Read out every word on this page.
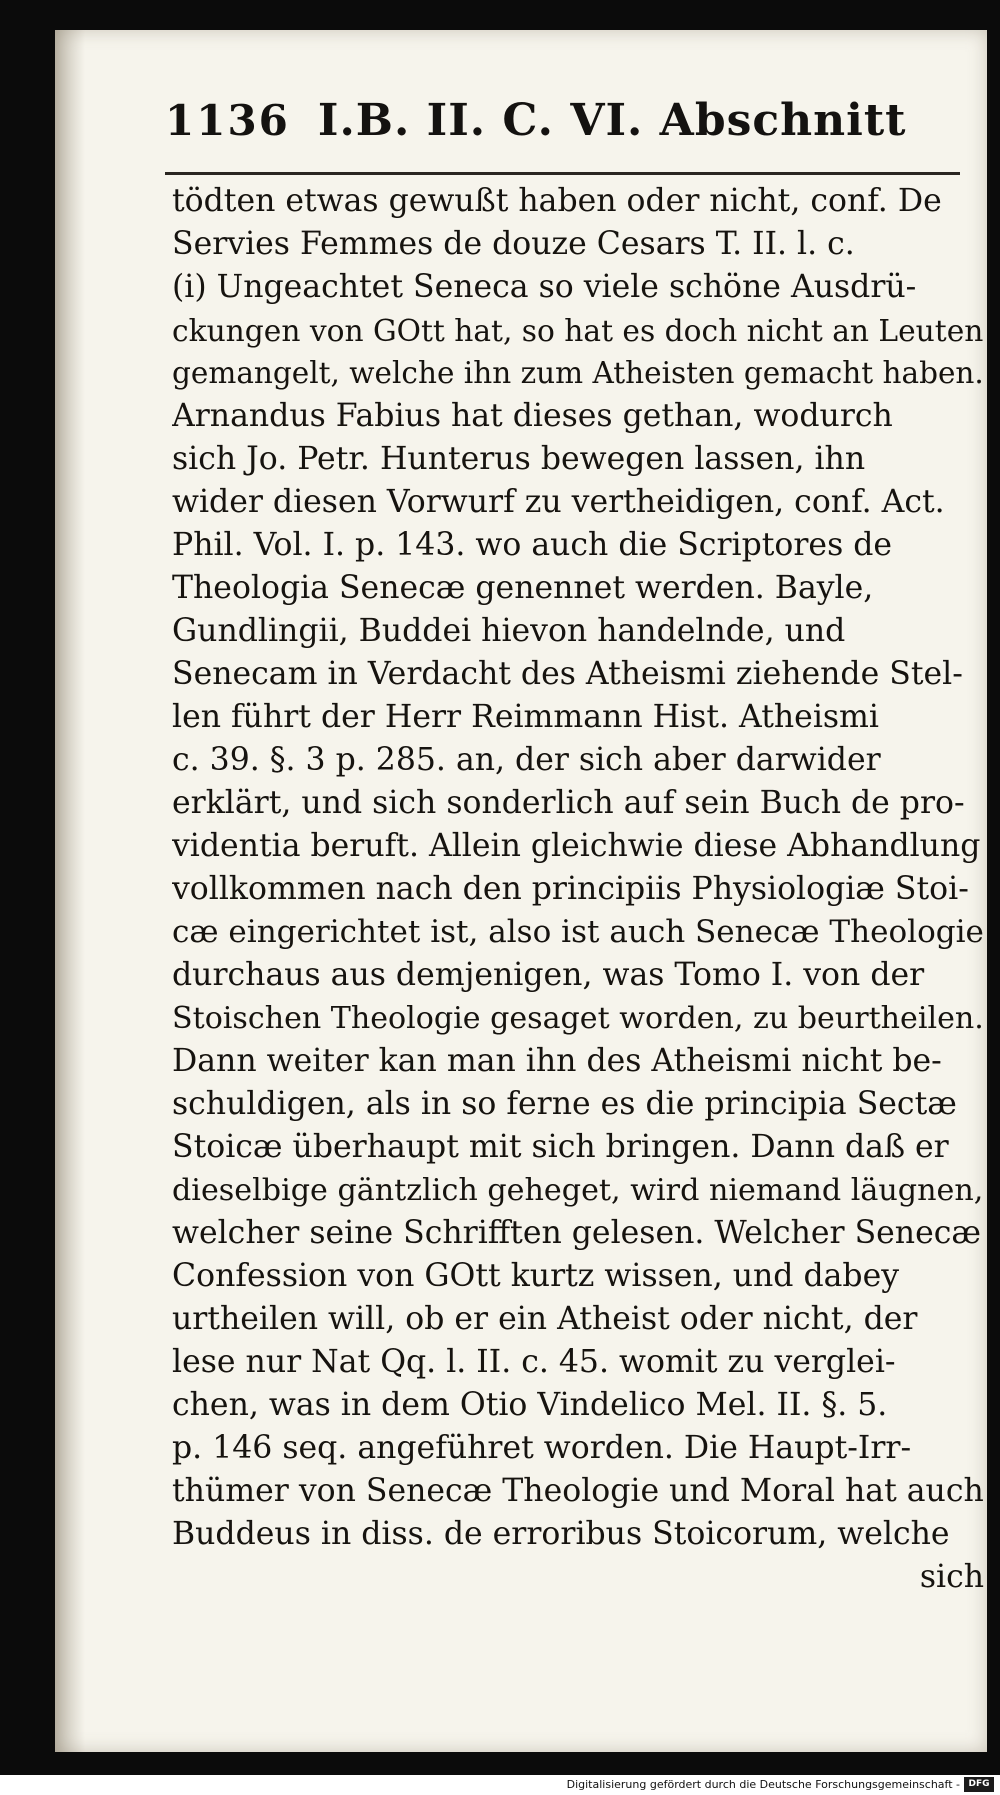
1136 I.B. II. C. VI. Abschnitt
tödten etwas gewußt haben oder nicht, conf. De
Servies Femmes de douze Cesars T. II. l. c.
(i) Ungeachtet Seneca so viele schöne Ausdrü-
ckungen von GOtt hat, so hat es doch nicht an Leuten
gemangelt, welche ihn zum Atheisten gemacht haben.
Arnandus Fabius hat dieses gethan, wodurch
sich Jo. Petr. Hunterus bewegen lassen, ihn
wider diesen Vorwurf zu vertheidigen, conf. Act.
Phil. Vol. I. p. 143. wo auch die Scriptores de
Theologia Senecæ genennet werden. Bayle,
Gundlingii, Buddei hievon handelnde, und
Senecam in Verdacht des Atheismi ziehende Stel-
len führt der Herr Reimmann Hist. Atheismi
c. 39. §. 3 p. 285. an, der sich aber darwider
erklärt, und sich sonderlich auf sein Buch de pro-
videntia beruft. Allein gleichwie diese Abhandlung
vollkommen nach den principiis Physiologiæ Stoi-
cæ eingerichtet ist, also ist auch Senecæ Theologie
durchaus aus demjenigen, was Tomo I. von der
Stoischen Theologie gesaget worden, zu beurtheilen.
Dann weiter kan man ihn des Atheismi nicht be-
schuldigen, als in so ferne es die principia Sectæ
Stoicæ überhaupt mit sich bringen. Dann daß er
dieselbige gäntzlich geheget, wird niemand läugnen,
welcher seine Schrifften gelesen. Welcher Senecæ
Confession von GOtt kurtz wissen, und dabey
urtheilen will, ob er ein Atheist oder nicht, der
lese nur Nat Qq. l. II. c. 45. womit zu verglei-
chen, was in dem Otio Vindelico Mel. II. §. 5.
p. 146 seq. angeführet worden. Die Haupt-Irr-
thümer von Senecæ Theologie und Moral hat auch
Buddeus in diss. de erroribus Stoicorum, welche
sich
Digitalisierung gefördert durch die Deutsche Forschungsgemeinschaft - DFG
